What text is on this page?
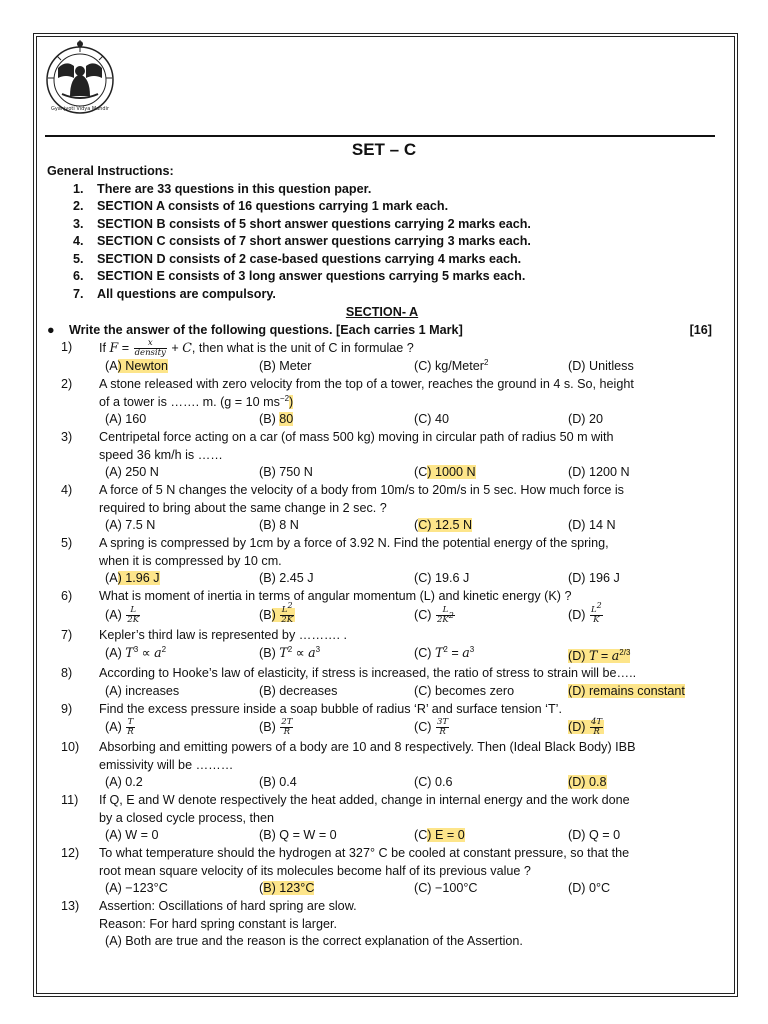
Gyanjyoti Vidya Mandir
SET – C
General Instructions:
1.	There are 33 questions in this question paper.
2.	SECTION A consists of 16 questions carrying 1 mark each.
3.	SECTION B consists of 5 short answer questions carrying 2 marks each.
4.	SECTION C consists of 7 short answer questions carrying 3 marks each.
5.	SECTION D consists of 2 case-based questions carrying 4 marks each.
6.	SECTION E consists of 3 long answer questions carrying 5 marks each.
7.	All questions are compulsory.
SECTION- A
● Write the answer of the following questions. [Each carries 1 Mark]	[16]
1)	If $F = \frac{x}{\text{density}} + C$, then what is the unit of C in formulae ?
(A) Newton	(B) Meter	(C) kg/Meter$^2$	(D) Unitless
2)	A stone released with zero velocity from the top of a tower, reaches the ground in 4 s. So, height
of a tower is ……. m. (g = 10 $ms^{-2}$)
(A) 160	(B) 80	(C) 40	(D) 20
3)	Centripetal force acting on a car (of mass 500 kg) moving in circular path of radius 50 m with
speed 36 km/h is ……
(A) 250 N	(B) 750 N	(C) 1000 N	(D) 1200 N
4)	A force of 5 N changes the velocity of a body from 10m/s to 20m/s in 5 sec. How much force is
required to bring about the same change in 2 sec. ?
(A) 7.5 N	(B) 8 N	(C) 12.5 N	(D) 14 N
5)	A spring is compressed by 1cm by a force of 3.92 N. Find the potential energy of the spring,
when it is compressed by 10 cm.
(A) 1.96 J	(B) 2.45 J	(C) 19.6 J	(D) 196 J
6)	What is moment of inertia in terms of angular momentum (L) and kinetic energy (K) ?
$(A) \frac{L}{2K}$	$(B) \frac{L^2}{2K}$	$(C) \frac{L}{2K^2}$	$(D) \frac{L^2}{K}$
7)	Kepler’s third law is represented by ………. .
(A) $T^3 \propto a^2$	(B) $T^2 \propto a^3$	(C) $T^2 = a^3$	(D) $T = a^{2/3}$
8)	According to Hooke’s law of elasticity, if stress is increased, the ratio of stress to strain will be…..
(A) increases	(B) decreases	(C) becomes zero	(D) remains constant
9)	Find the excess pressure inside a soap bubble of radius ‘R’ and surface tension ‘T’.
$(A) \frac{T}{R}$	$(B) \frac{2T}{R}$	$(C) \frac{3T}{R}$	$(D) \frac{4T}{R}$
10)	Absorbing and emitting powers of a body are 10 and 8 respectively. Then (Ideal Black Body) IBB
emissivity will be ………
(A) 0.2	(B) 0.4	(C) 0.6	(D) 0.8
11)	If Q, E and W denote respectively the heat added, change in internal energy and the work done
by a closed cycle process, then
(A) W = 0	(B) Q = W = 0	(C) E = 0	(D) Q = 0
12)	To what temperature should the hydrogen at 327° C be cooled at constant pressure, so that the
root mean square velocity of its molecules become half of its previous value ?
(A) −123°C	(B) 123°C	(C) −100°C	(D) 0°C
13)	Assertion: Oscillations of hard spring are slow.
Reason: For hard spring constant is larger.
(A) Both are true and the reason is the correct explanation of the Assertion.
